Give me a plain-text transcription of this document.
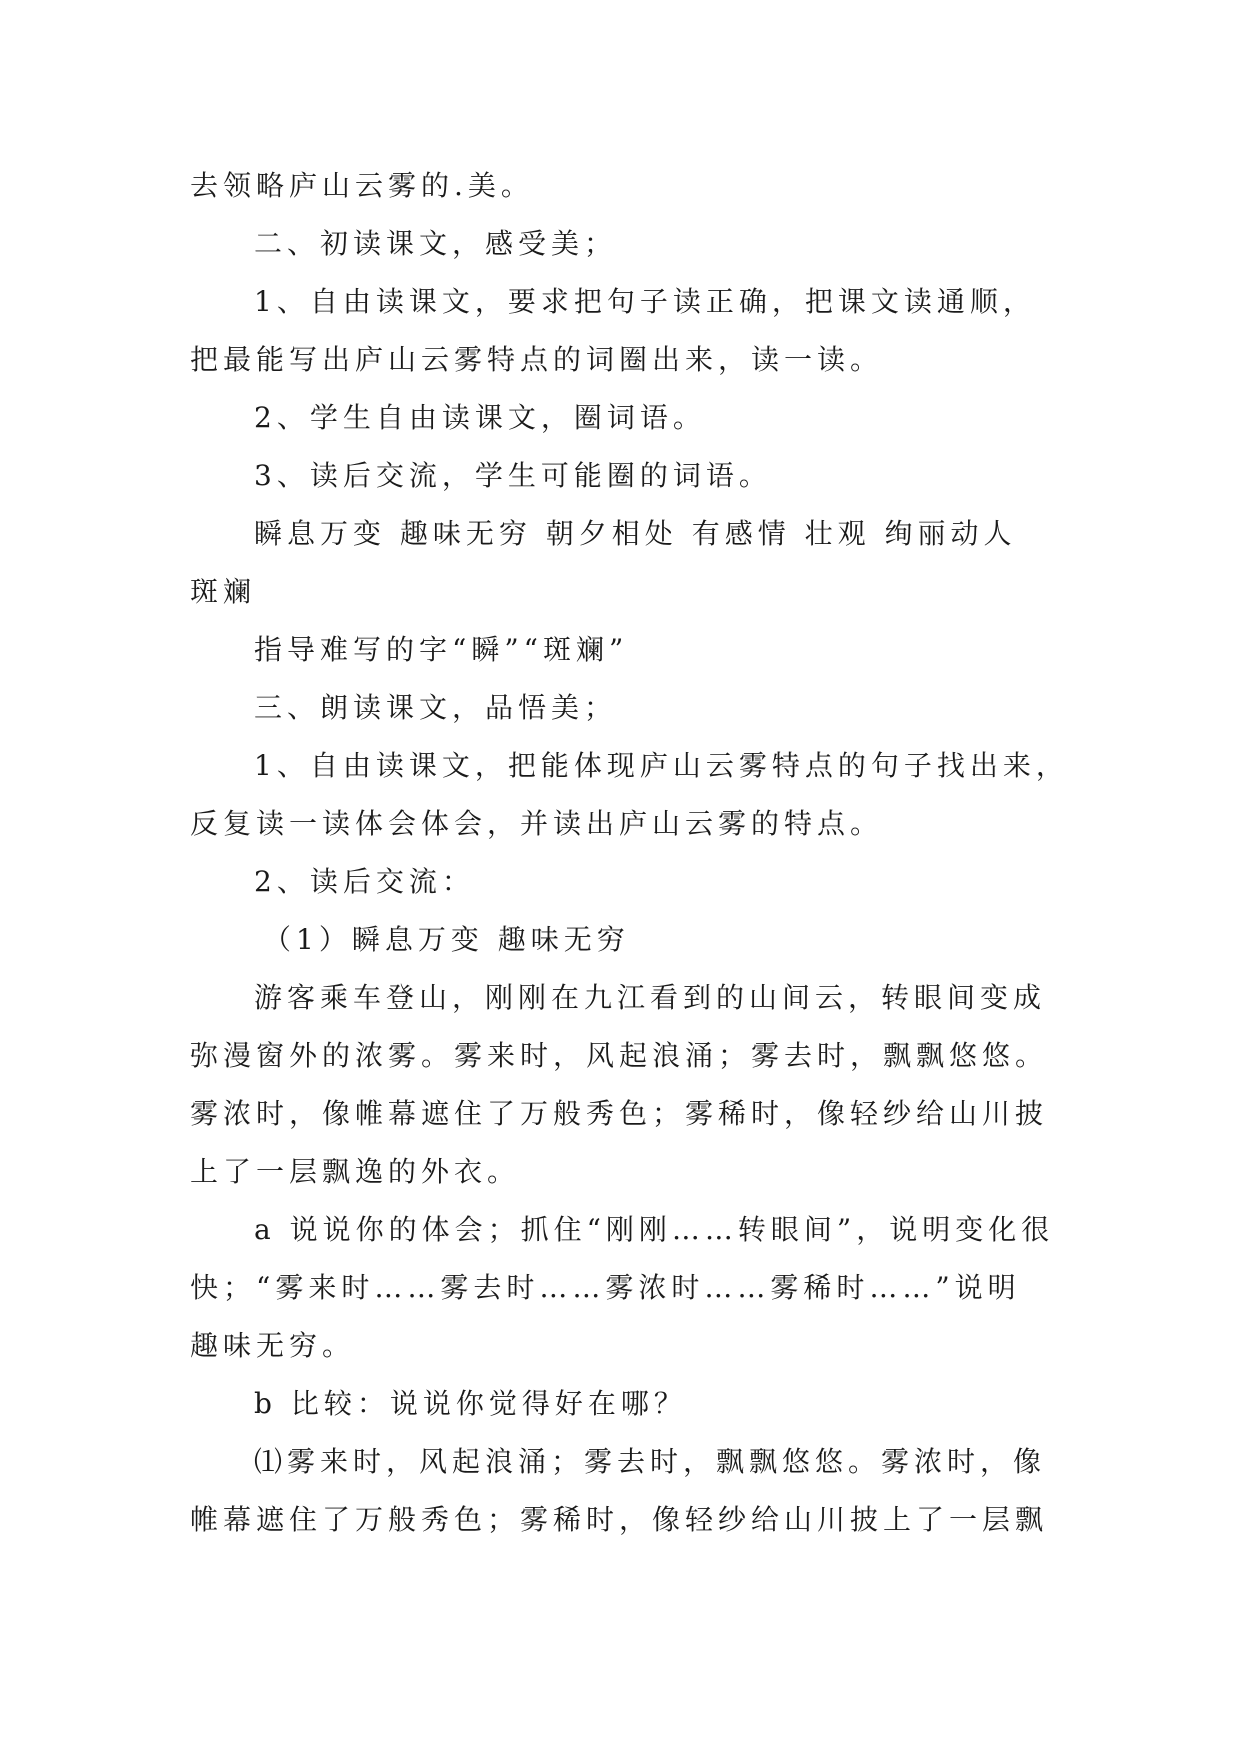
去领略庐山云雾的.美。
二、初读课文，感受美；
1、自由读课文，要求把句子读正确，把课文读通顺，
把最能写出庐山云雾特点的词圈出来，读一读。
2、学生自由读课文，圈词语。
3、读后交流，学生可能圈的词语。
瞬息万变 趣味无穷 朝夕相处 有感情 壮观 绚丽动人
斑斓
指导难写的字“瞬”“斑斓”
三、朗读课文，品悟美；
1、自由读课文，把能体现庐山云雾特点的句子找出来，
反复读一读体会体会，并读出庐山云雾的特点。
2、读后交流：
（1）瞬息万变 趣味无穷
游客乘车登山，刚刚在九江看到的山间云，转眼间变成
弥漫窗外的浓雾。雾来时，风起浪涌；雾去时，飘飘悠悠。
雾浓时，像帷幕遮住了万般秀色；雾稀时，像轻纱给山川披
上了一层飘逸的外衣。
a 说说你的体会；抓住“刚刚……转眼间”，说明变化很
快；“雾来时……雾去时……雾浓时……雾稀时……”说明
趣味无穷。
b 比较：说说你觉得好在哪？
⑴雾来时，风起浪涌；雾去时，飘飘悠悠。雾浓时，像
帷幕遮住了万般秀色；雾稀时，像轻纱给山川披上了一层飘
